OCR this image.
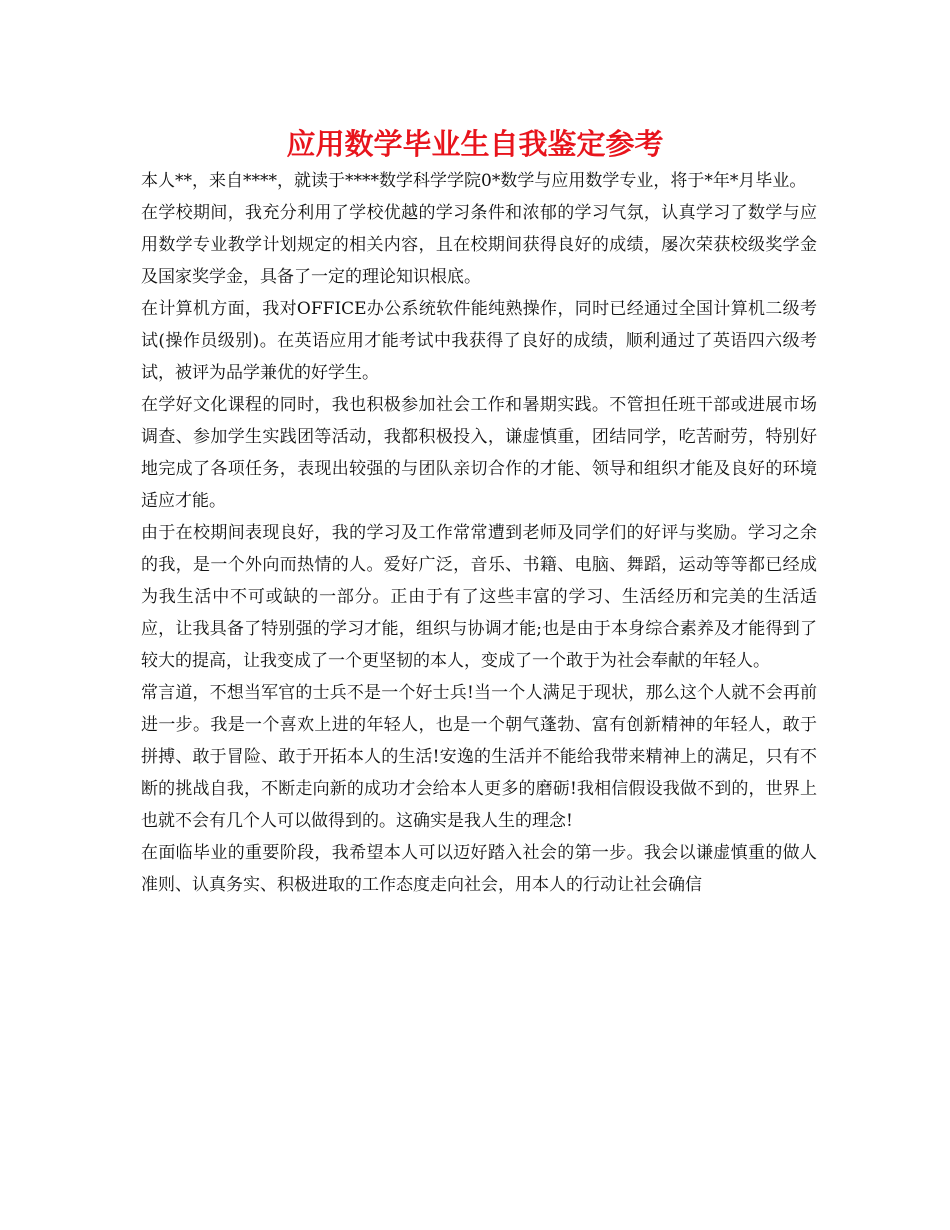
应用数学毕业生自我鉴定参考

本人**，来自****，就读于****数学科学学院0*数学与应用数学专业，将于*年*月毕业。

在学校期间，我充分利用了学校优越的学习条件和浓郁的学习气氛，认真学习了数学与应用数学专业教学计划规定的相关内容，且在校期间获得良好的成绩，屡次荣获校级奖学金及国家奖学金，具备了一定的理论知识根底。

在计算机方面，我对OFFICE办公系统软件能纯熟操作，同时已经通过全国计算机二级考试(操作员级别)。在英语应用才能考试中我获得了良好的成绩，顺利通过了英语四六级考试，被评为品学兼优的好学生。

在学好文化课程的同时，我也积极参加社会工作和暑期实践。不管担任班干部或进展市场调查、参加学生实践团等活动，我都积极投入，谦虚慎重，团结同学，吃苦耐劳，特别好地完成了各项任务，表现出较强的与团队亲切合作的才能、领导和组织才能及良好的环境适应才能。

由于在校期间表现良好，我的学习及工作常常遭到老师及同学们的好评与奖励。学习之余的我，是一个外向而热情的人。爱好广泛，音乐、书籍、电脑、舞蹈，运动等等都已经成为我生活中不可或缺的一部分。正由于有了这些丰富的学习、生活经历和完美的生活适应，让我具备了特别强的学习才能，组织与协调才能;也是由于本身综合素养及才能得到了较大的提高，让我变成了一个更坚韧的本人，变成了一个敢于为社会奉献的年轻人。

常言道，不想当军官的士兵不是一个好士兵!当一个人满足于现状，那么这个人就不会再前进一步。我是一个喜欢上进的年轻人，也是一个朝气蓬勃、富有创新精神的年轻人，敢于拼搏、敢于冒险、敢于开拓本人的生活!安逸的生活并不能给我带来精神上的满足，只有不断的挑战自我，不断走向新的成功才会给本人更多的磨砺!我相信假设我做不到的，世界上也就不会有几个人可以做得到的。这确实是我人生的理念!

在面临毕业的重要阶段，我希望本人可以迈好踏入社会的第一步。我会以谦虚慎重的做人准则、认真务实、积极进取的工作态度走向社会，用本人的行动让社会确信
